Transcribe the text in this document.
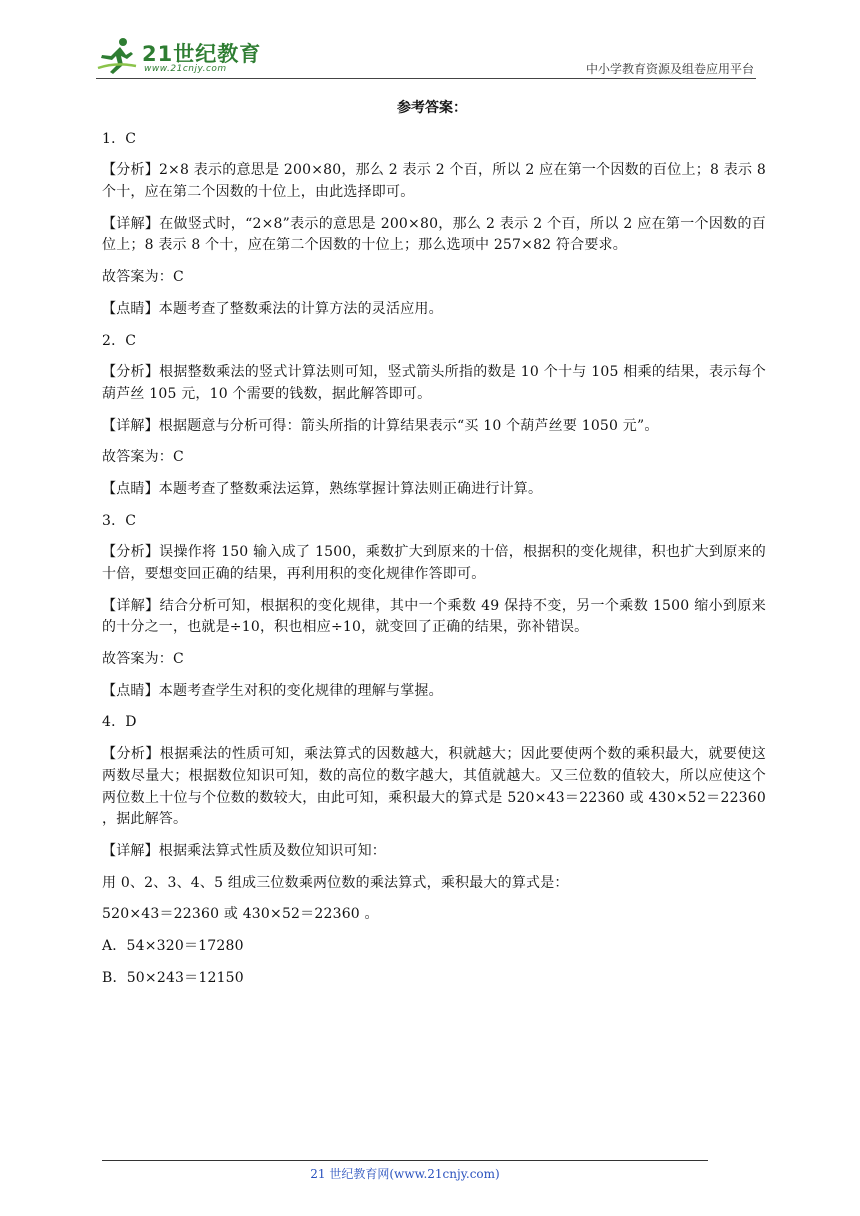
21世纪教育
www.21cnjy.com	中小学教育资源及组卷应用平台
参考答案：
1．C
【分析】2×8 表示的意思是 200×80，那么 2 表示 2 个百，所以 2 应在第一个因数的百位上；8 表示 8 个十，应在第二个因数的十位上，由此选择即可。
【详解】在做竖式时，“2×8”表示的意思是 200×80，那么 2 表示 2 个百，所以 2 应在第一个因数的百位上；8 表示 8 个十，应在第二个因数的十位上；那么选项中 257×82 符合要求。
故答案为：C
【点睛】本题考查了整数乘法的计算方法的灵活应用。
2．C
【分析】根据整数乘法的竖式计算法则可知，竖式箭头所指的数是 10 个十与 105 相乘的结果，表示每个葫芦丝 105 元，10 个需要的钱数，据此解答即可。
【详解】根据题意与分析可得：箭头所指的计算结果表示“买 10 个葫芦丝要 1050 元”。
故答案为：C
【点睛】本题考查了整数乘法运算，熟练掌握计算法则正确进行计算。
3．C
【分析】误操作将 150 输入成了 1500，乘数扩大到原来的十倍，根据积的变化规律，积也扩大到原来的十倍，要想变回正确的结果，再利用积的变化规律作答即可。
【详解】结合分析可知，根据积的变化规律，其中一个乘数 49 保持不变，另一个乘数 1500 缩小到原来的十分之一，也就是÷10，积也相应÷10，就变回了正确的结果，弥补错误。
故答案为：C
【点睛】本题考查学生对积的变化规律的理解与掌握。
4．D
【分析】根据乘法的性质可知，乘法算式的因数越大，积就越大；因此要使两个数的乘积最大，就要使这两数尽量大；根据数位知识可知，数的高位的数字越大，其值就越大。又三位数的值较大，所以应使这个两位数上十位与个位数的数较大，由此可知，乘积最大的算式是 520×43＝22360 或 430×52＝22360 ，据此解答。
【详解】根据乘法算式性质及数位知识可知：
用 0、2、3、4、5 组成三位数乘两位数的乘法算式，乘积最大的算式是：
520×43＝22360 或 430×52＝22360 。
A．54×320＝17280
B．50×243＝12150
21 世纪教育网(www.21cnjy.com)
